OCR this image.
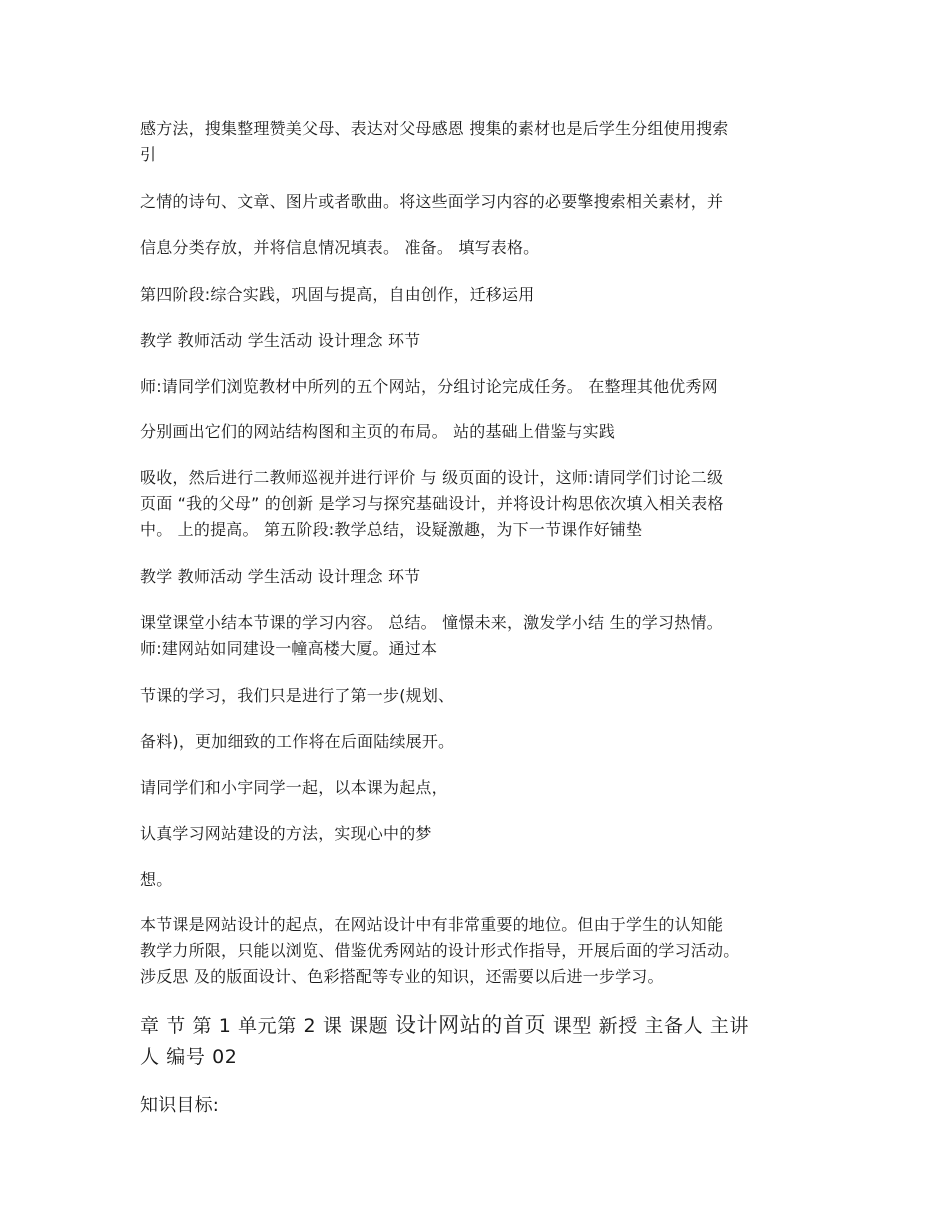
感方法，搜集整理赞美父母、表达对父母感恩 搜集的素材也是后学生分组使用搜索
引
之情的诗句、文章、图片或者歌曲。将这些面学习内容的必要擎搜索相关素材，并
信息分类存放，并将信息情况填表。 准备。 填写表格。
第四阶段:综合实践，巩固与提高，自由创作，迁移运用
教学 教师活动 学生活动 设计理念 环节
师:请同学们浏览教材中所列的五个网站，分组讨论完成任务。 在整理其他优秀网
分别画出它们的网站结构图和主页的布局。 站的基础上借鉴与实践
吸收，然后进行二教师巡视并进行评价 与 级页面的设计，这师:请同学们讨论二级
页面 “我的父母” 的创新 是学习与探究基础设计，并将设计构思依次填入相关表格
中。 上的提高。 第五阶段:教学总结，设疑激趣，为下一节课作好铺垫
教学 教师活动 学生活动 设计理念 环节
课堂课堂小结本节课的学习内容。 总结。 憧憬未来，激发学小结 生的学习热情。
师:建网站如同建设一幢高楼大厦。通过本
节课的学习，我们只是进行了第一步(规划、
备料)，更加细致的工作将在后面陆续展开。
请同学们和小宇同学一起，以本课为起点，
认真学习网站建设的方法，实现心中的梦
想。
本节课是网站设计的起点，在网站设计中有非常重要的地位。但由于学生的认知能
教学力所限，只能以浏览、借鉴优秀网站的设计形式作指导，开展后面的学习活动。
涉反思 及的版面设计、色彩搭配等专业的知识，还需要以后进一步学习。
章 节 第 1 单元第 2 课 课题 设计网站的首页 课型 新授 主备人 主讲
人 编号 02
知识目标:
